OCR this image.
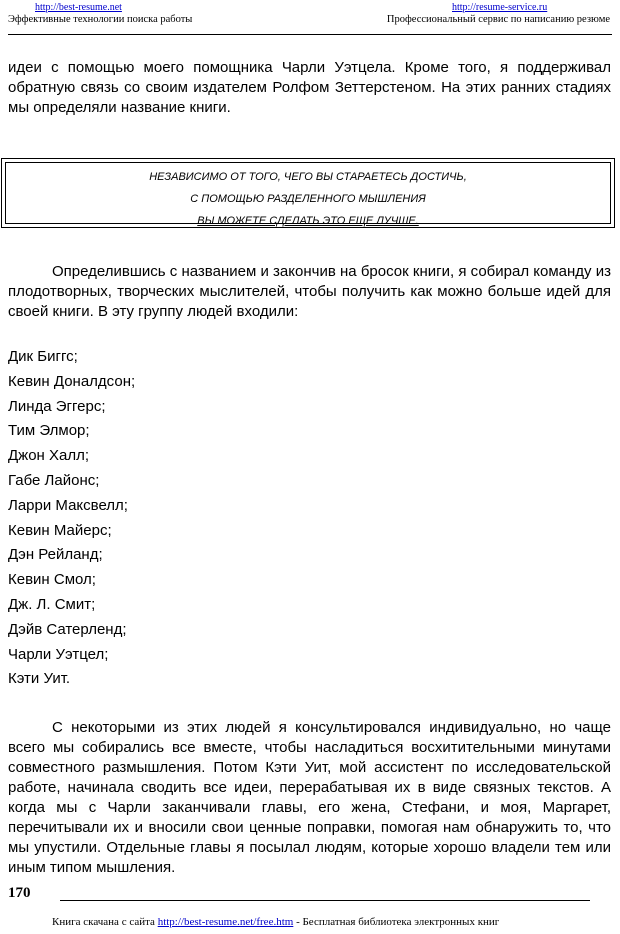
http://best-resume.net	http://resume-service.ru
Эффективные технологии поиска работы	Профессиональный сервис по написанию резюме

идеи с помощью моего помощника Чарли Уэтцела. Кроме того, я поддерживал обратную связь со своим издателем Ролфом Зеттерстеном. На этих ранних стадиях мы определяли название книги.

НЕЗАВИСИМО ОТ ТОГО, ЧЕГО ВЫ СТАРАЕТЕСЬ ДОСТИЧЬ,
С ПОМОЩЬЮ РАЗДЕЛЕННОГО МЫШЛЕНИЯ
ВЫ МОЖЕТЕ СДЕЛАТЬ ЭТО ЕЩЕ ЛУЧШЕ.

Определившись с названием и закончив на бросок книги, я собирал команду из плодотворных, творческих мыслителей, чтобы получить как можно больше идей для своей книги. В эту группу людей входили:

Дик Биггс;
Кевин Доналдсон;
Линда Эггерс;
Тим Элмор;
Джон Халл;
Габе Лайонс;
Ларри Максвелл;
Кевин Майерс;
Дэн Рейланд;
Кевин Смол;
Дж. Л. Смит;
Дэйв Сатерленд;
Чарли Уэтцел;
Кэти Уит.

С некоторыми из этих людей я консультировался индивидуально, но чаще всего мы собирались все вместе, чтобы насладиться восхитительными минутами совместного размышления. Потом Кэти Уит, мой ассистент по исследовательской работе, начинала сводить все идеи, перерабатывая их в виде связных текстов. А когда мы с Чарли заканчивали главы, его жена, Стефани, и моя, Маргарет, перечитывали их и вносили свои ценные поправки, помогая нам обнаружить то, что мы упустили. Отдельные главы я посылал людям, которые хорошо владели тем или иным типом мышления.

170
Книга скачана с сайта http://best-resume.net/free.htm - Бесплатная библиотека электронных книг
